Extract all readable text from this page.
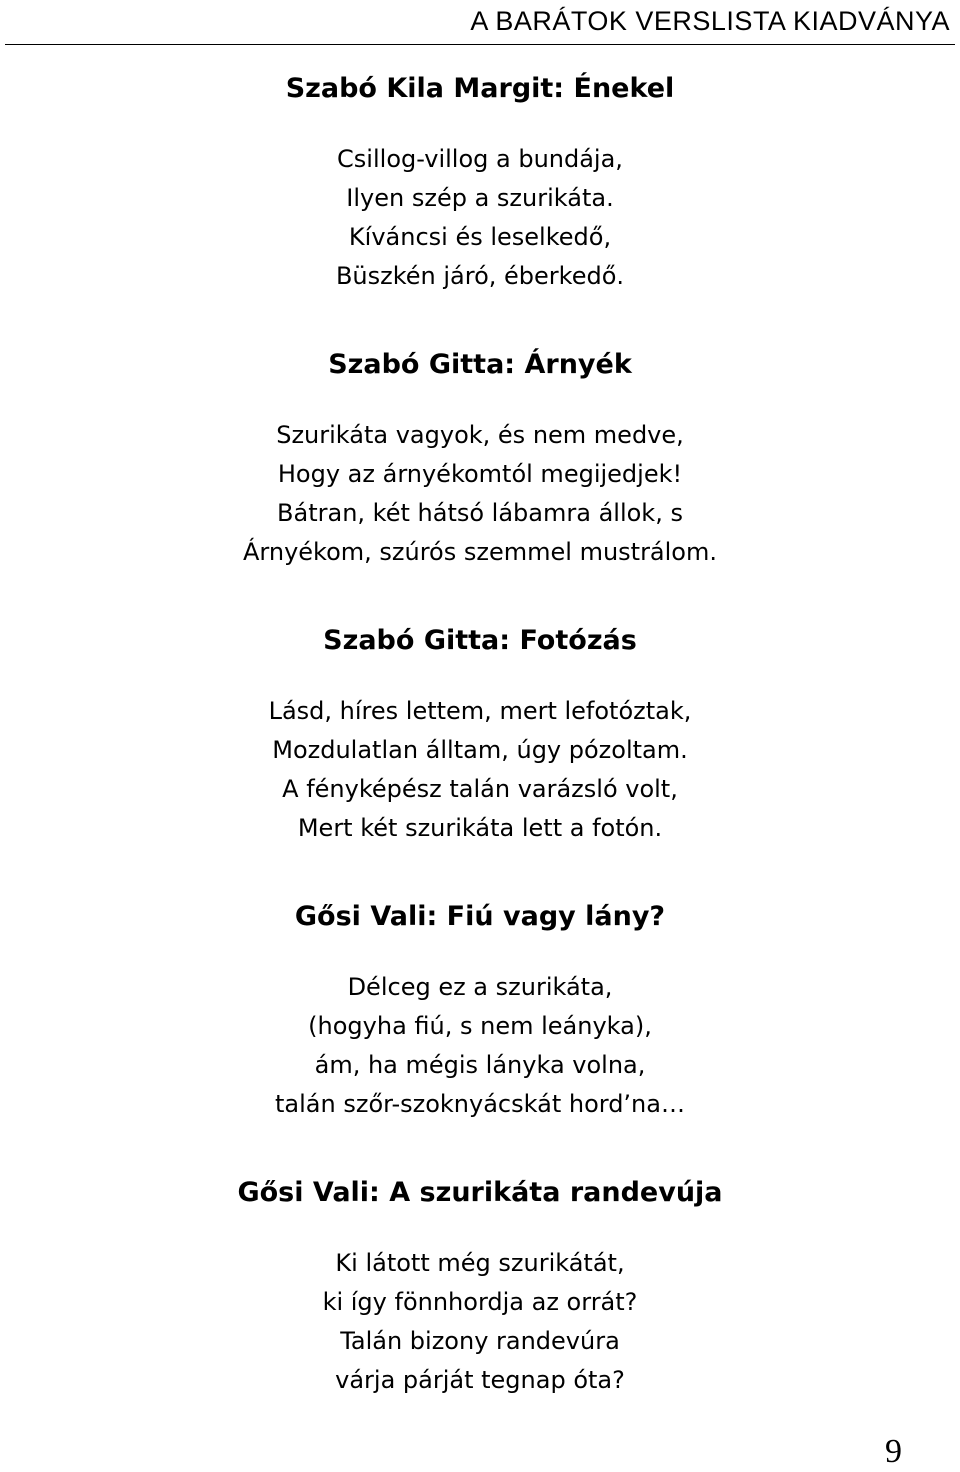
A BARÁTOK VERSLISTA KIADVÁNYA
Szabó Kila Margit: Énekel
Csillog-villog a bundája,
Ilyen szép a szurikáta.
Kíváncsi és leselkedő,
Büszkén járó, éberkedő.
Szabó Gitta: Árnyék
Szurikáta vagyok, és nem medve,
Hogy az árnyékomtól megijedjek!
Bátran, két hátsó lábamra állok, s
Árnyékom, szúrós szemmel mustrálom.
Szabó Gitta: Fotózás
Lásd, híres lettem, mert lefotóztak,
Mozdulatlan álltam, úgy pózoltam.
A fényképész talán varázsló volt,
Mert két szurikáta lett a fotón.
Gősi Vali: Fiú vagy lány?
Délceg ez a szurikáta,
(hogyha fiú, s nem leányka),
ám, ha mégis lányka volna,
talán szőr-szoknyácskát hord’na…
Gősi Vali: A szurikáta randevúja
Ki látott még szurikátát,
ki így fönnhordja az orrát?
Talán bizony randevúra
várja párját tegnap óta?
9
